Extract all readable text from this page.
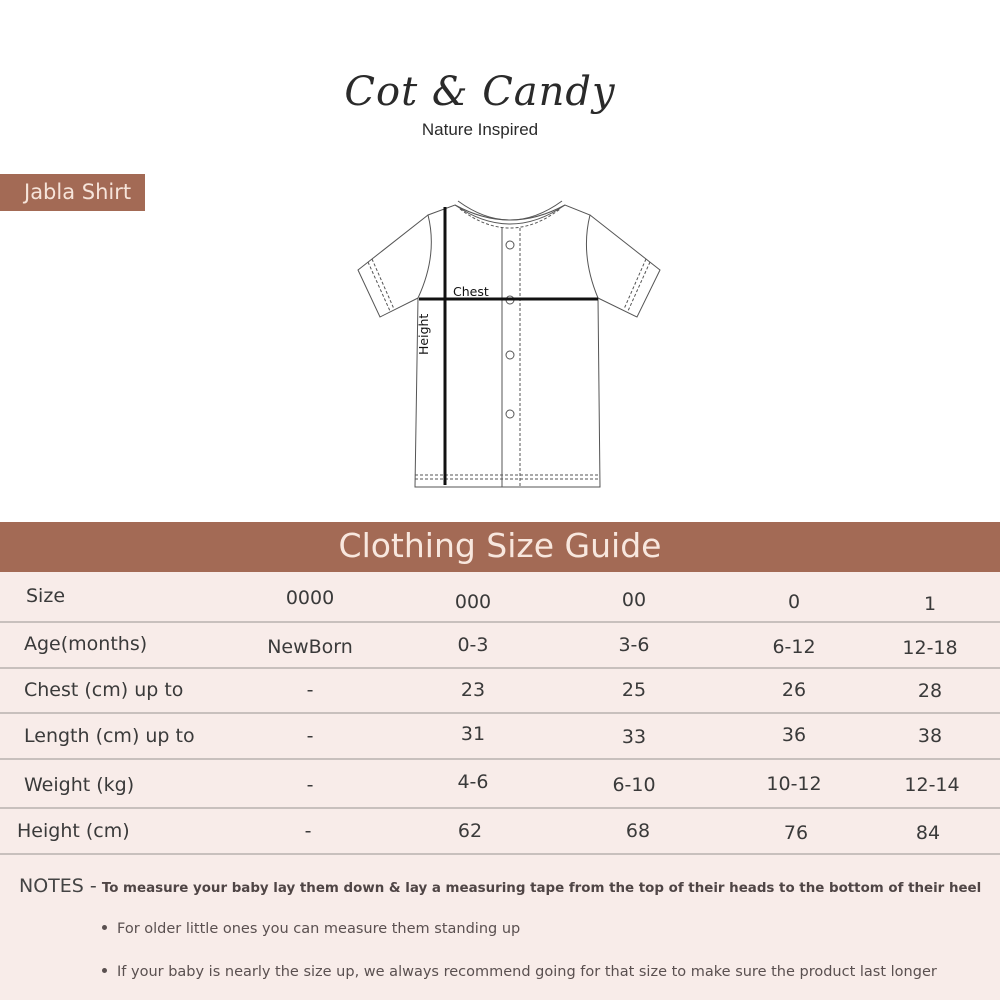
Cot & Candy
Nature Inspired
Jabla Shirt
Chest
Height
Clothing Size Guide
Size	0000	000	00	0	1
Age(months)	NewBorn	0-3	3-6	6-12	12-18
Chest (cm) up to	-	23	25	26	28
Length (cm) up to	-	31	33	36	38
Weight (kg)	-	4-6	6-10	10-12	12-14
Height (cm)	-	62	68	76	84
NOTES - To measure your baby lay them down & lay a measuring tape from the top of their heads to the bottom of their heel
For older little ones you can measure them standing up
If your baby is nearly the size up, we always recommend going for that size to make sure the product last longer
